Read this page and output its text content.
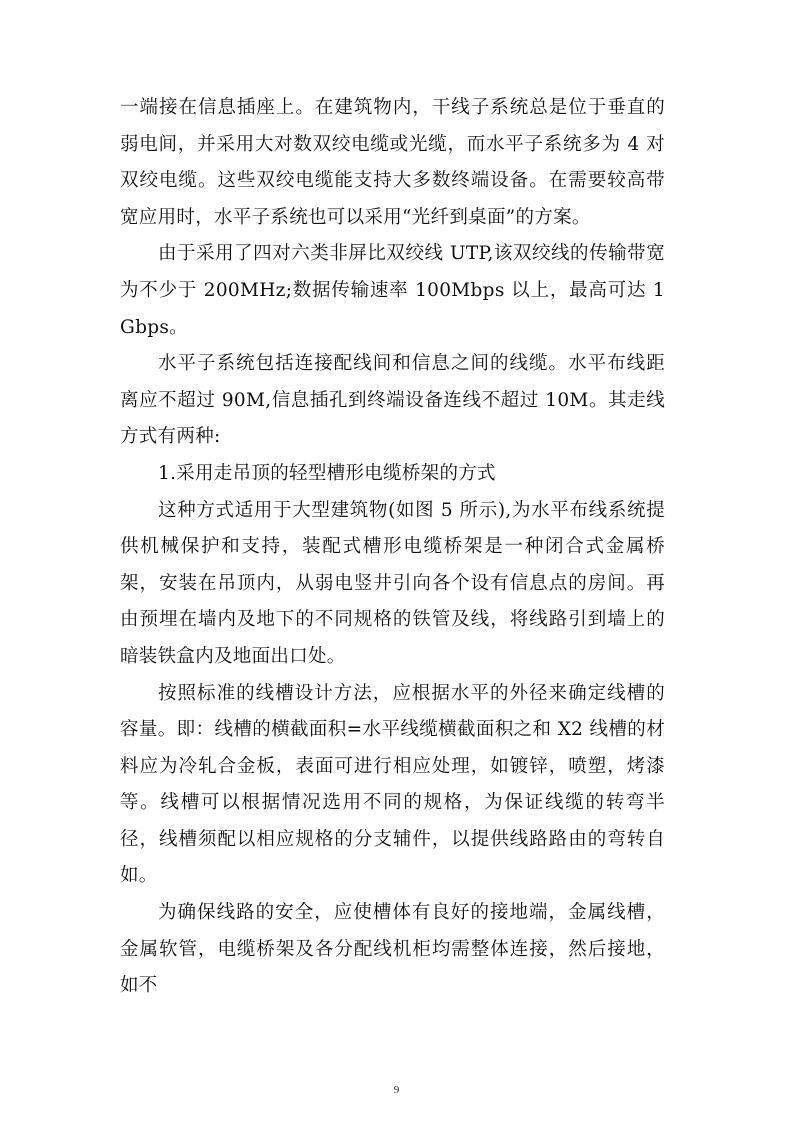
一端接在信息插座上。在建筑物内，干线子系统总是位于垂直的弱电间，并采用大对数双绞电缆或光缆，而水平子系统多为 4 对双绞电缆。这些双绞电缆能支持大多数终端设备。在需要较高带宽应用时，水平子系统也可以采用“光纤到桌面”的方案。

由于采用了四对六类非屏比双绞线 UTP,该双绞线的传输带宽为不少于 200MHz;数据传输速率 100Mbps 以上，最高可达 1Gbps。

水平子系统包括连接配线间和信息之间的线缆。水平布线距离应不超过 90M,信息插孔到终端设备连线不超过 10M。其走线方式有两种:

1.采用走吊顶的轻型槽形电缆桥架的方式

这种方式适用于大型建筑物(如图 5 所示),为水平布线系统提供机械保护和支持，装配式槽形电缆桥架是一种闭合式金属桥架，安装在吊顶内，从弱电竖井引向各个设有信息点的房间。再由预埋在墙内及地下的不同规格的铁管及线，将线路引到墙上的暗装铁盒内及地面出口处。

按照标准的线槽设计方法，应根据水平的外径来确定线槽的容量。即：线槽的横截面积=水平线缆横截面积之和 X2 线槽的材料应为冷轧合金板，表面可进行相应处理，如镀锌，喷塑，烤漆等。线槽可以根据情况选用不同的规格，为保证线缆的转弯半径，线槽须配以相应规格的分支辅件，以提供线路路由的弯转自如。

为确保线路的安全，应使槽体有良好的接地端，金属线槽，金属软管，电缆桥架及各分配线机柜均需整体连接，然后接地，如不

9
